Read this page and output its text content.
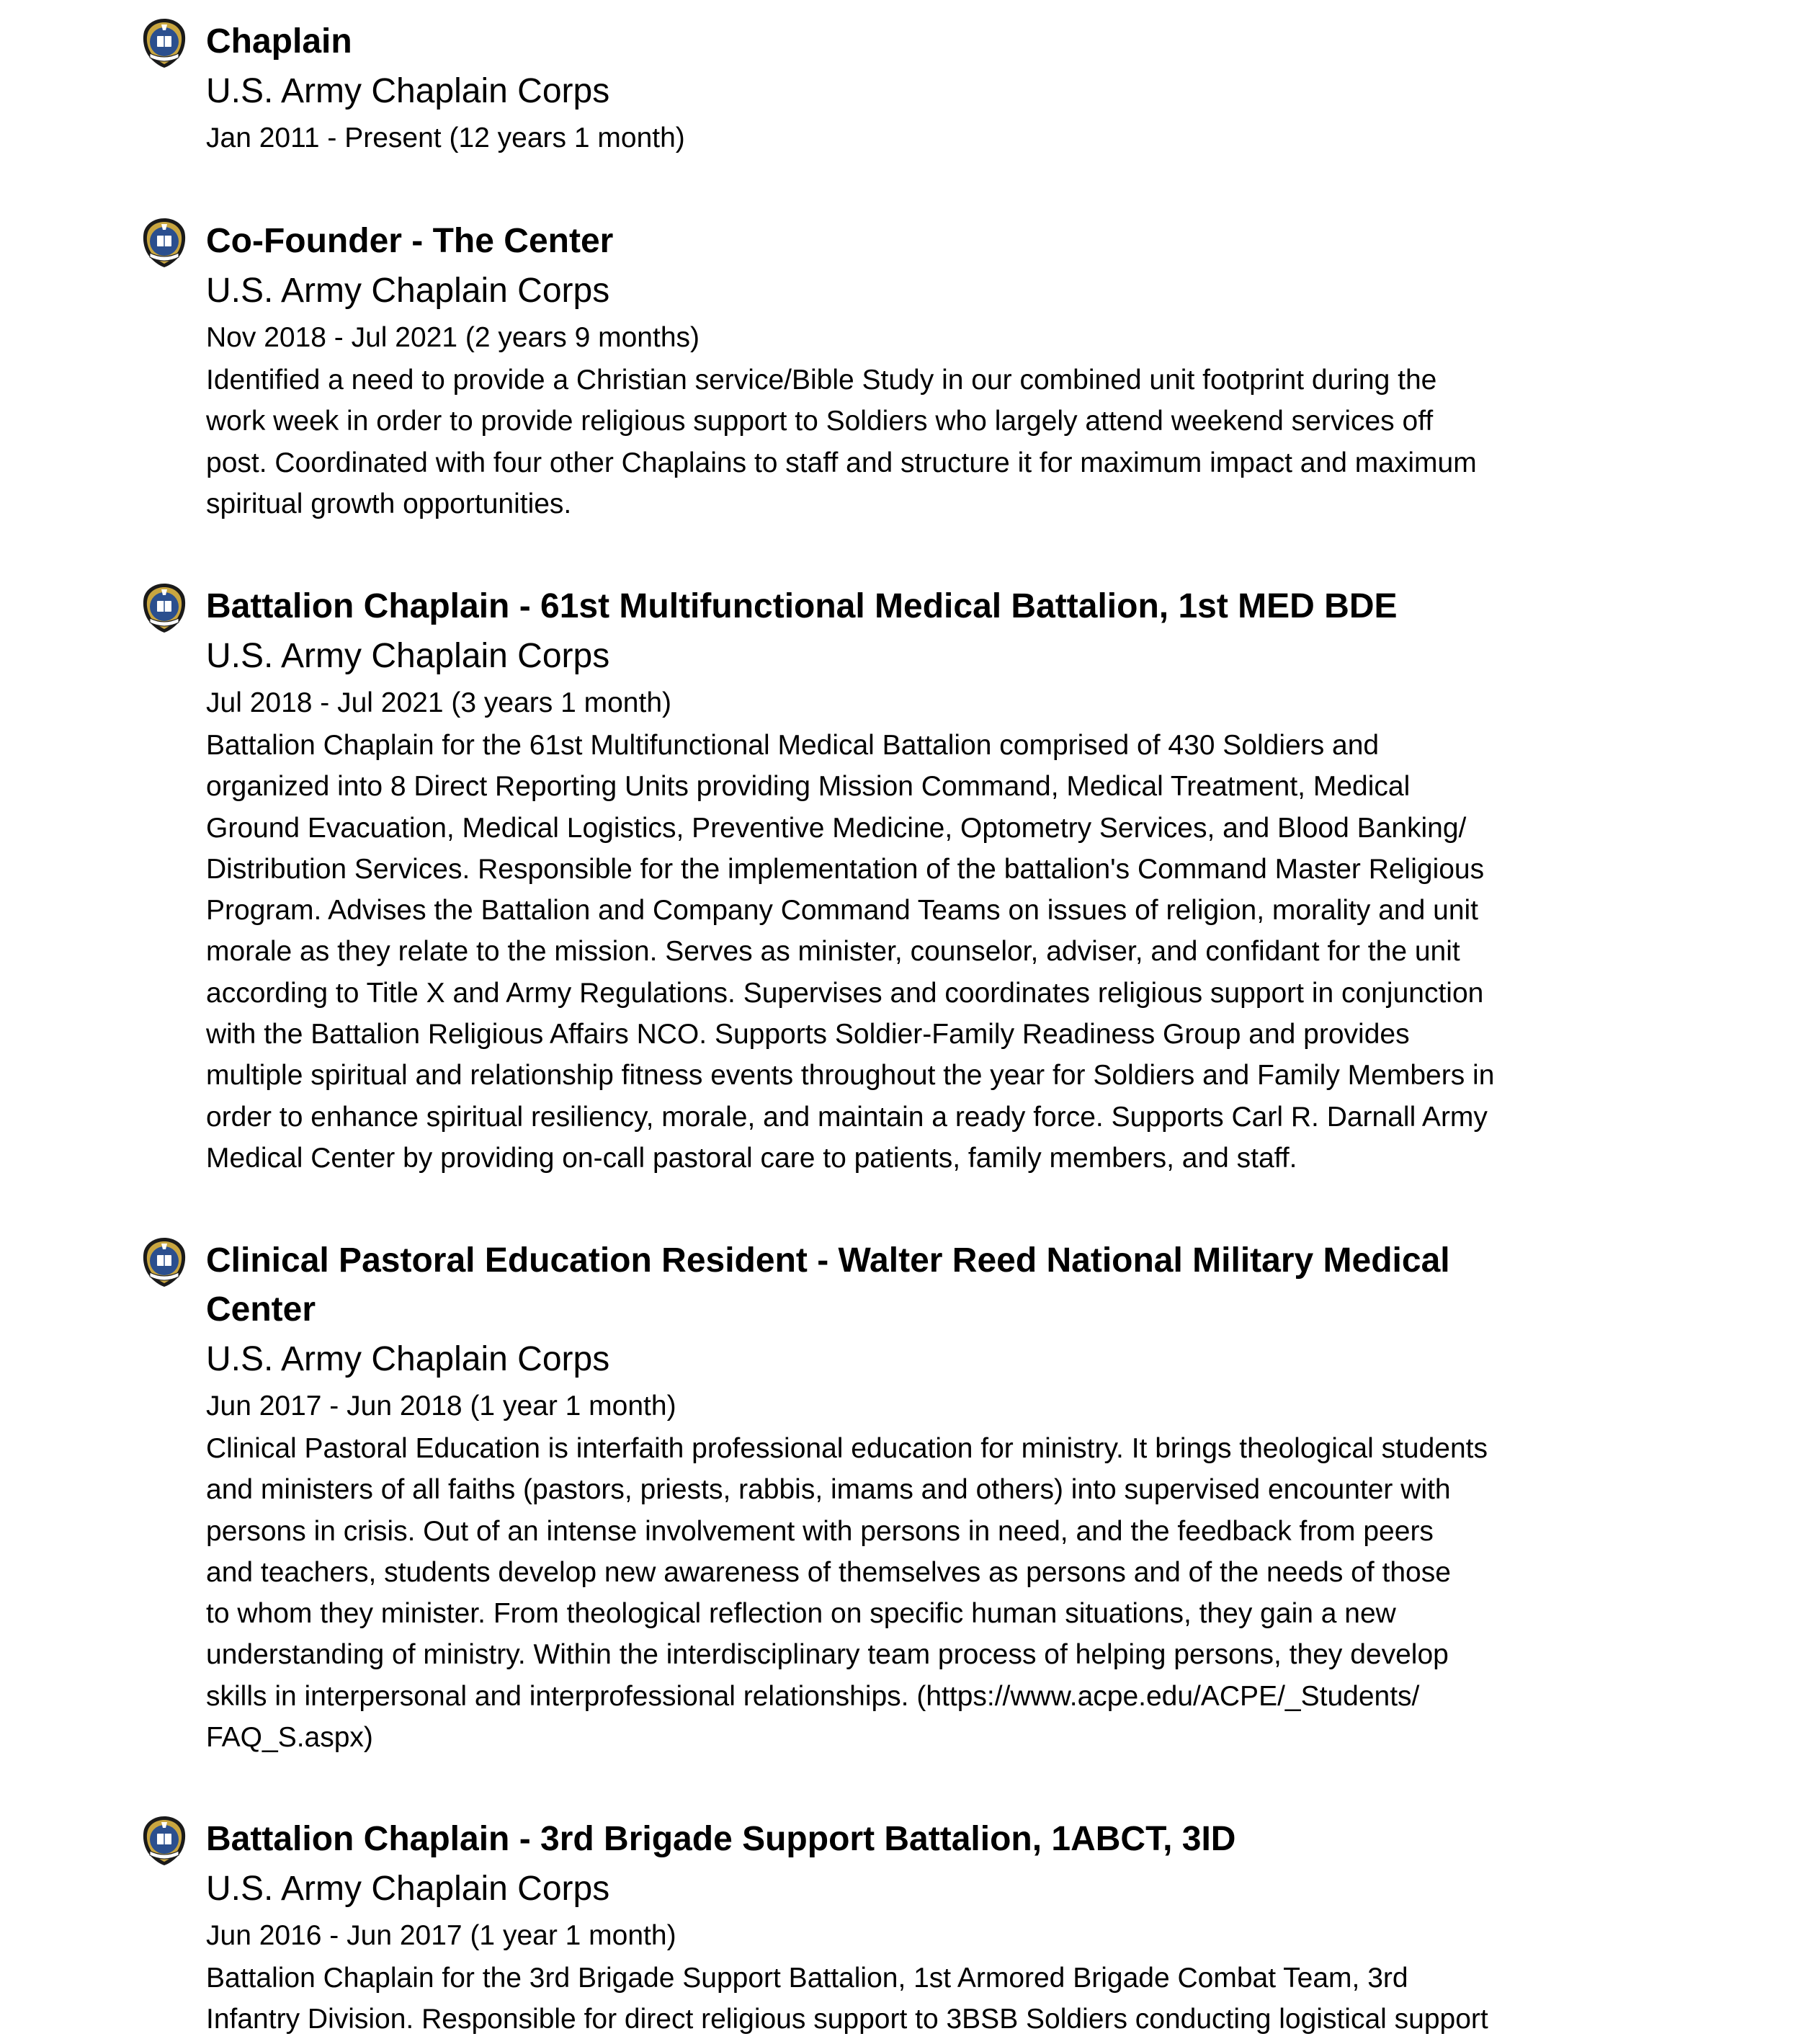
Chaplain

U.S. Army Chaplain Corps

Jan 2011 - Present (12 years 1 month)

Co-Founder - The Center

U.S. Army Chaplain Corps

Nov 2018 - Jul 2021 (2 years 9 months)

Identified a need to provide a Christian service/Bible Study in our combined unit footprint during the

work week in order to provide religious support to Soldiers who largely attend weekend services off

post. Coordinated with four other Chaplains to staff and structure it for maximum impact and maximum

spiritual growth opportunities.

Battalion Chaplain - 61st Multifunctional Medical Battalion, 1st MED BDE

U.S. Army Chaplain Corps

Jul 2018 - Jul 2021 (3 years 1 month)

Battalion Chaplain for the 61st Multifunctional Medical Battalion comprised of 430 Soldiers and

organized into 8 Direct Reporting Units providing Mission Command, Medical Treatment, Medical

Ground Evacuation, Medical Logistics, Preventive Medicine, Optometry Services, and Blood Banking/

Distribution Services. Responsible for the implementation of the battalion's Command Master Religious

Program. Advises the Battalion and Company Command Teams on issues of religion, morality and unit

morale as they relate to the mission. Serves as minister, counselor, adviser, and confidant for the unit

according to Title X and Army Regulations. Supervises and coordinates religious support in conjunction

with the Battalion Religious Affairs NCO. Supports Soldier-Family Readiness Group and provides

multiple spiritual and relationship fitness events throughout the year for Soldiers and Family Members in

order to enhance spiritual resiliency, morale, and maintain a ready force. Supports Carl R. Darnall Army

Medical Center by providing on-call pastoral care to patients, family members, and staff.

Clinical Pastoral Education Resident - Walter Reed National Military Medical

Center

U.S. Army Chaplain Corps

Jun 2017 - Jun 2018 (1 year 1 month)

Clinical Pastoral Education is interfaith professional education for ministry. It brings theological students

and ministers of all faiths (pastors, priests, rabbis, imams and others) into supervised encounter with

persons in crisis. Out of an intense involvement with persons in need, and the feedback from peers

and teachers, students develop new awareness of themselves as persons and of the needs of those

to whom they minister. From theological reflection on specific human situations, they gain a new

understanding of ministry. Within the interdisciplinary team process of helping persons, they develop

skills in interpersonal and interprofessional relationships. (https://www.acpe.edu/ACPE/_Students/

FAQ_S.aspx)

Battalion Chaplain - 3rd Brigade Support Battalion, 1ABCT, 3ID

U.S. Army Chaplain Corps

Jun 2016 - Jun 2017 (1 year 1 month)

Battalion Chaplain for the 3rd Brigade Support Battalion, 1st Armored Brigade Combat Team, 3rd

Infantry Division. Responsible for direct religious support to 3BSB Soldiers conducting logistical support
